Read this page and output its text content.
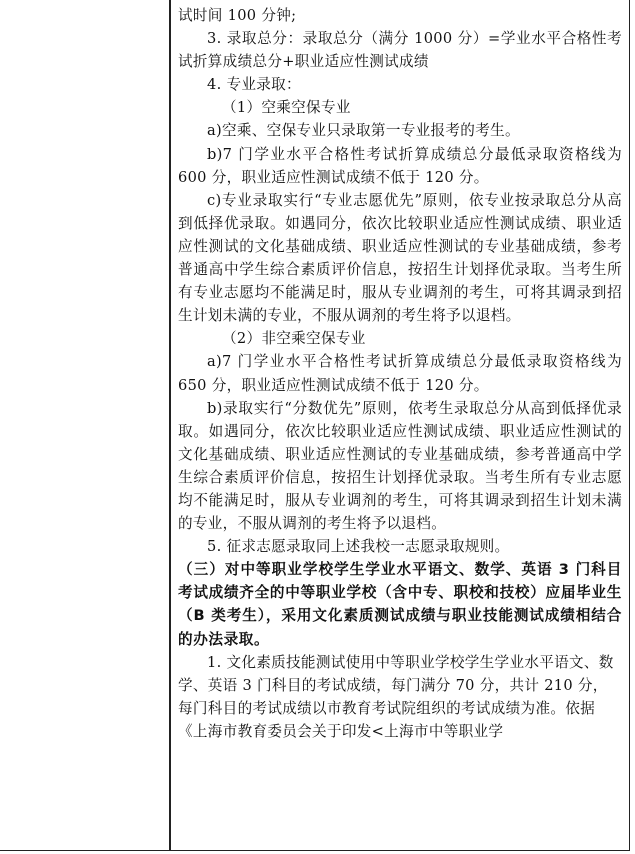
试时间 100 分钟;

3. 录取总分：录取总分（满分 1000 分）=学业水平合格性考试折算成绩总分+职业适应性测试成绩

4. 专业录取：

（1）空乘空保专业

a)空乘、空保专业只录取第一专业报考的考生。

b)7 门学业水平合格性考试折算成绩总分最低录取资格线为 600 分，职业适应性测试成绩不低于 120 分。

c)专业录取实行“专业志愿优先”原则，依专业按录取总分从高到低择优录取。如遇同分，依次比较职业适应性测试成绩、职业适应性测试的文化基础成绩、职业适应性测试的专业基础成绩，参考普通高中学生综合素质评价信息，按招生计划择优录取。当考生所有专业志愿均不能满足时，服从专业调剂的考生，可将其调录到招生计划未满的专业，不服从调剂的考生将予以退档。

（2）非空乘空保专业

a)7 门学业水平合格性考试折算成绩总分最低录取资格线为 650 分，职业适应性测试成绩不低于 120 分。

b)录取实行“分数优先”原则，依考生录取总分从高到低择优录取。如遇同分，依次比较职业适应性测试成绩、职业适应性测试的文化基础成绩、职业适应性测试的专业基础成绩，参考普通高中学生综合素质评价信息，按招生计划择优录取。当考生所有专业志愿均不能满足时，服从专业调剂的考生，可将其调录到招生计划未满的专业，不服从调剂的考生将予以退档。

5. 征求志愿录取同上述我校一志愿录取规则。

（三）对中等职业学校学生学业水平语文、数学、英语 3 门科目考试成绩齐全的中等职业学校（含中专、职校和技校）应届毕业生（B 类考生），采用文化素质测试成绩与职业技能测试成绩相结合的办法录取。

1. 文化素质技能测试使用中等职业学校学生学业水平语文、数学、英语 3 门科目的考试成绩，每门满分 70 分，共计 210 分，每门科目的考试成绩以市教育考试院组织的考试成绩为准。依据《上海市教育委员会关于印发<上海市中等职业学
